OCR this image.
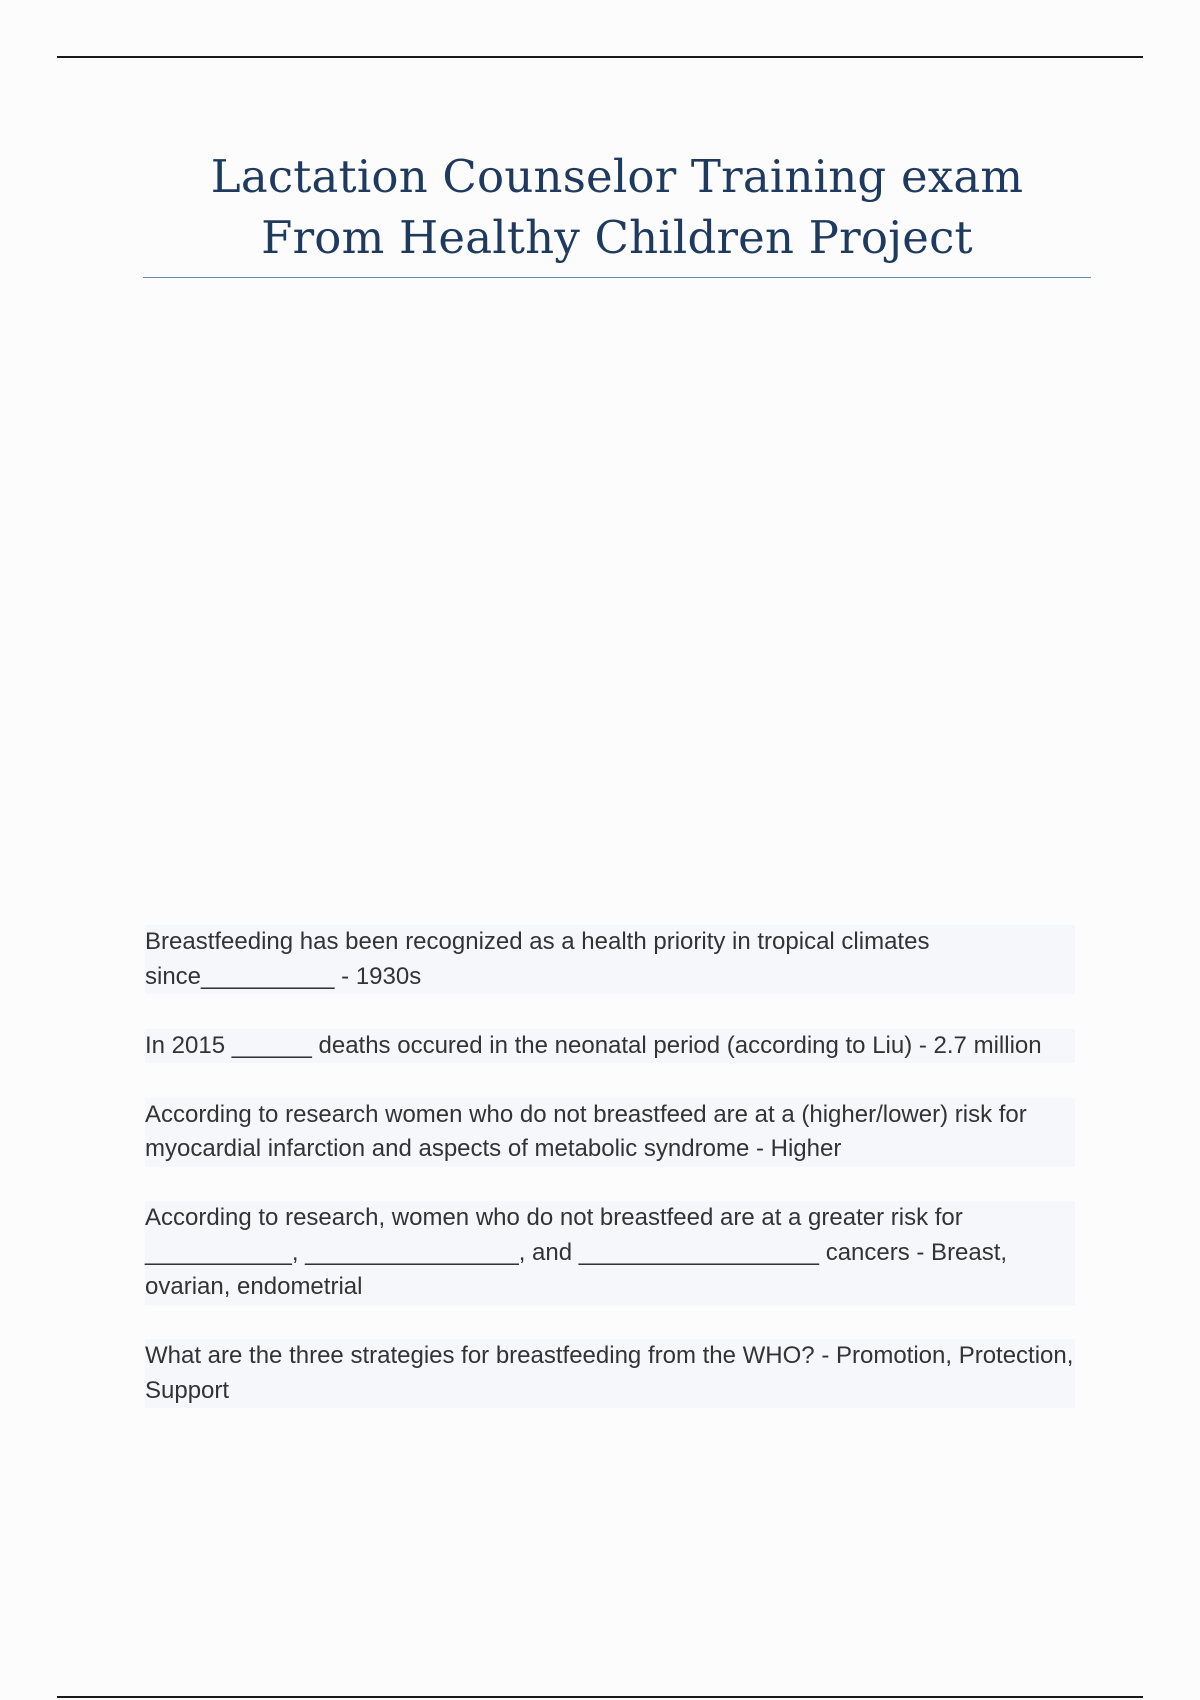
Lactation Counselor Training exam From Healthy Children Project
Breastfeeding has been recognized as a health priority in tropical climates since__________ - 1930s
In 2015 ______ deaths occured in the neonatal period (according to Liu) - 2.7 million
According to research women who do not breastfeed are at a (higher/lower) risk for myocardial infarction and aspects of metabolic syndrome - Higher
According to research, women who do not breastfeed are at a greater risk for ___________, ________________, and __________________ cancers - Breast, ovarian, endometrial
What are the three strategies for breastfeeding from the WHO? - Promotion, Protection, Support
